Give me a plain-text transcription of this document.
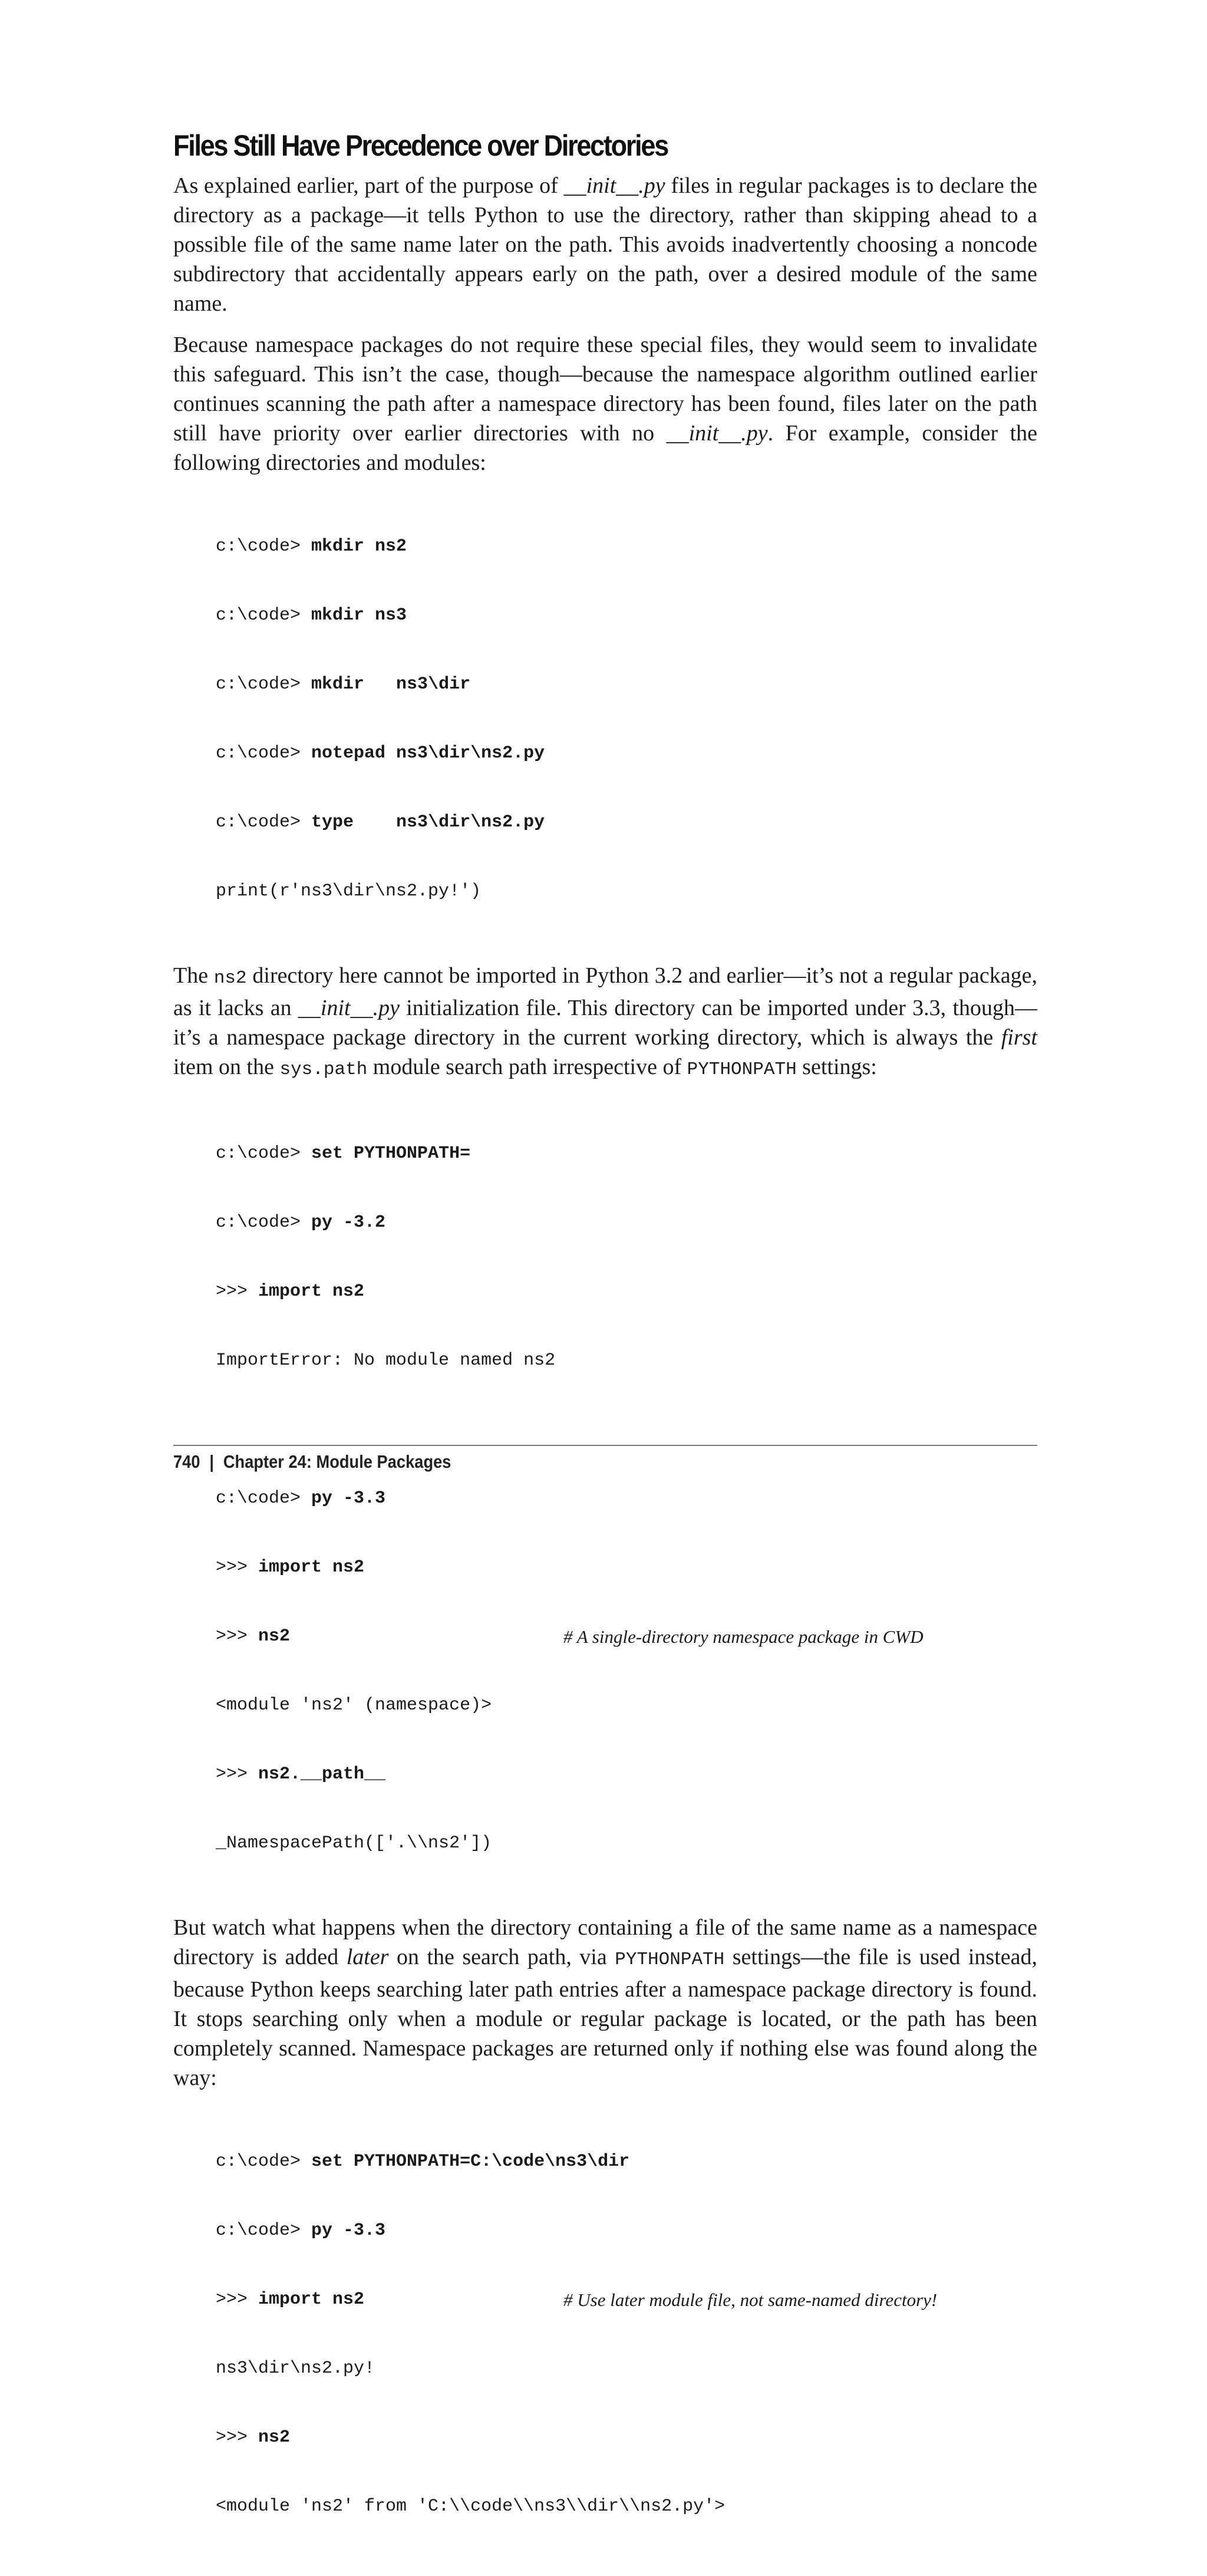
Files Still Have Precedence over Directories

As explained earlier, part of the purpose of __init__.py files in regular packages is to declare the directory as a package—it tells Python to use the directory, rather than skipping ahead to a possible file of the same name later on the path. This avoids inadvertently choosing a noncode subdirectory that accidentally appears early on the path, over a desired module of the same name.

Because namespace packages do not require these special files, they would seem to invalidate this safeguard. This isn’t the case, though—because the namespace algorithm outlined earlier continues scanning the path after a namespace directory has been found, files later on the path still have priority over earlier directories with no __init__.py. For example, consider the following directories and modules:

c:\code> mkdir ns2

c:\code> mkdir ns3

c:\code> mkdir   ns3\dir

c:\code> notepad ns3\dir\ns2.py

c:\code> type    ns3\dir\ns2.py

print(r'ns3\dir\ns2.py!')

The ns2 directory here cannot be imported in Python 3.2 and earlier—it’s not a regular package, as it lacks an __init__.py initialization file. This directory can be imported under 3.3, though—it’s a namespace package directory in the current working directory, which is always the first item on the sys.path module search path irrespective of PYTHONPATH settings:

c:\code> set PYTHONPATH=

c:\code> py -3.2

>>> import ns2

ImportError: No module named ns2

c:\code> py -3.3

>>> import ns2

>>> ns2	# A single-directory namespace package in CWD

<module 'ns2' (namespace)>

>>> ns2.__path__

_NamespacePath(['.\\ns2'])

But watch what happens when the directory containing a file of the same name as a namespace directory is added later on the search path, via PYTHONPATH settings—the file is used instead, because Python keeps searching later path entries after a namespace package directory is found. It stops searching only when a module or regular package is located, or the path has been completely scanned. Namespace packages are returned only if nothing else was found along the way:

c:\code> set PYTHONPATH=C:\code\ns3\dir

c:\code> py -3.3

>>> import ns2	# Use later module file, not same-named directory!

ns3\dir\ns2.py!

>>> ns2

<module 'ns2' from 'C:\\code\\ns3\\dir\\ns2.py'>

740 | Chapter 24: Module Packages
